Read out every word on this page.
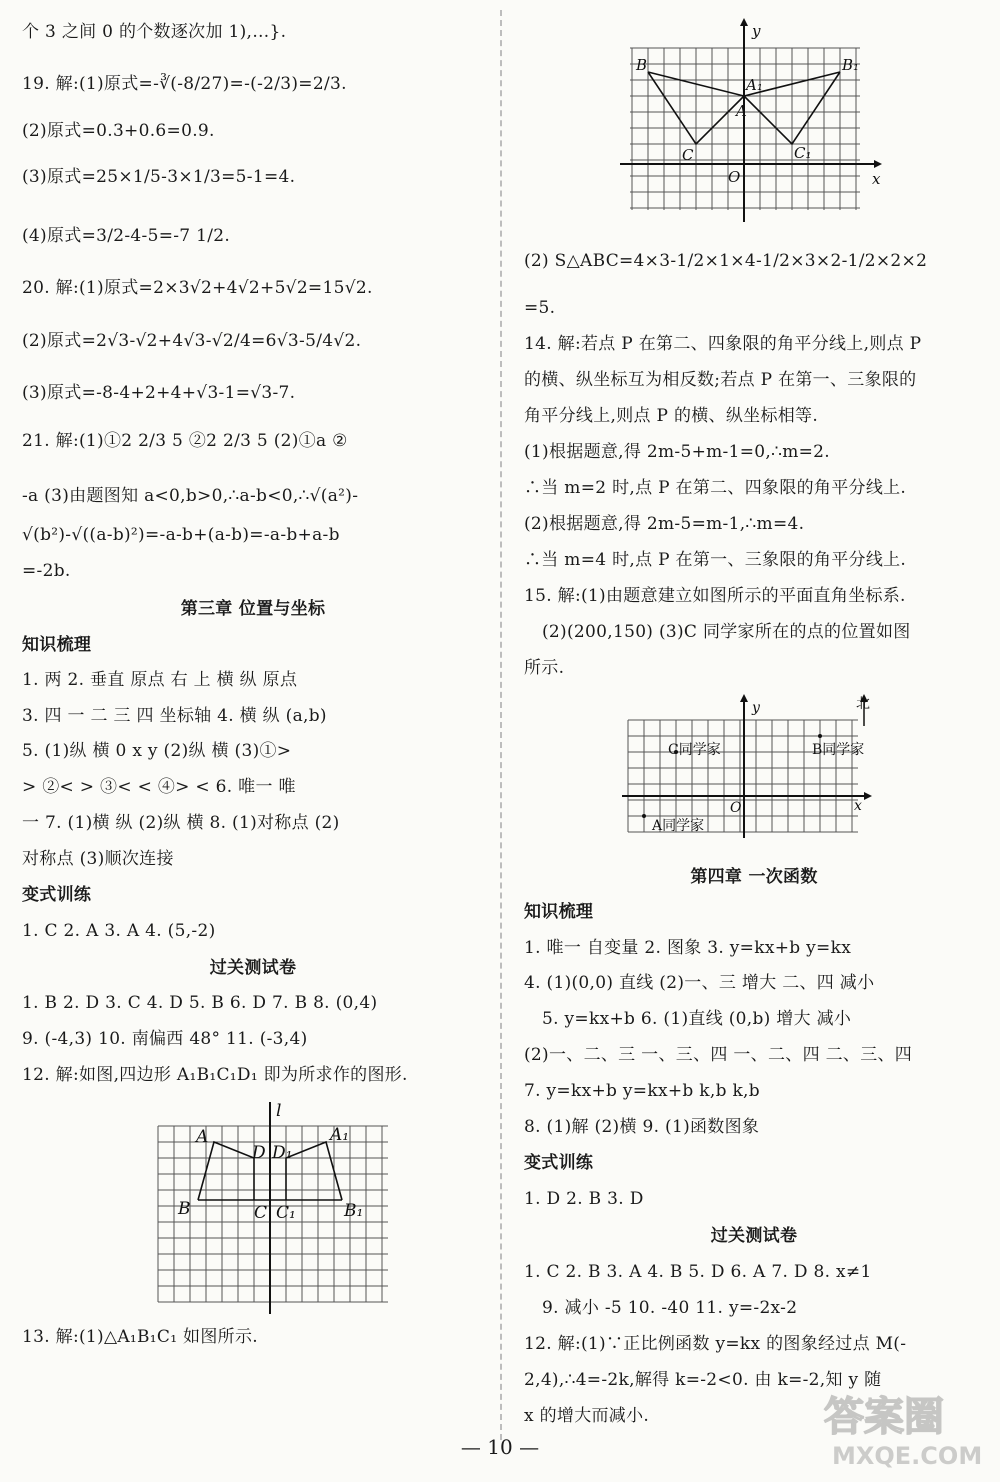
个 3 之间 0 的个数逐次加 1),…}.
19. 解:(1)原式=-∛(-8/27)=-(-2/3)=2/3.
(2)原式=0.3+0.6=0.9.
(3)原式=25×1/5-3×1/3=5-1=4.
(4)原式=3/2-4-5=-7 1/2.
20. 解:(1)原式=2×3√2+4√2+5√2=15√2.
(2)原式=2√3-√2+4√3-√2/4=6√3-5/4√2.
(3)原式=-8-4+2+4+√3-1=√3-7.
21. 解:(1)①2 2/3 5 ②2 2/3 5 (2)①a ②
-a (3)由题图知 a<0,b>0,∴a-b<0,∴√(a²)-
√(b²)-√((a-b)²)=-a-b+(a-b)=-a-b+a-b
=-2b.
第三章 位置与坐标
知识梳理
1. 两 2. 垂直 原点 右 上 横 纵 原点
3. 四 一 二 三 四 坐标轴 4. 横 纵 (a,b)
5. (1)纵 横 0 x y (2)纵 横 (3)①>
> ②< > ③< < ④> < 6. 唯一 唯
一 7. (1)横 纵 (2)纵 横 8. (1)对称点 (2)
对称点 (3)顺次连接
变式训练
1. C 2. A 3. A 4. (5,-2)
过关测试卷
1. B 2. D 3. C 4. D 5. B 6. D 7. B 8. (0,4)
9. (-4,3) 10. 南偏西 48° 11. (-3,4)
12. 解:如图,四边形 A₁B₁C₁D₁ 即为所求作的图形.
l
A
D D₁
A₁
B	C C₁	B₁
13. 解:(1)△A₁B₁C₁ 如图所示.
y
B	B₁
A₁
A
C	C₁
O	x
(2) S△ABC=4×3-1/2×1×4-1/2×3×2-1/2×2×2
=5.
14. 解:若点 P 在第二、四象限的角平分线上,则点 P
的横、纵坐标互为相反数;若点 P 在第一、三象限的
角平分线上,则点 P 的横、纵坐标相等.
(1)根据题意,得 2m-5+m-1=0,∴m=2.
∴当 m=2 时,点 P 在第二、四象限的角平分线上.
(2)根据题意,得 2m-5=m-1,∴m=4.
∴当 m=4 时,点 P 在第一、三象限的角平分线上.
15. 解:(1)由题意建立如图所示的平面直角坐标系.
(2)(200,150) (3)C 同学家所在的点的位置如图
所示.
y	北
C同学家	B同学家
O	x
A同学家
第四章 一次函数
知识梳理
1. 唯一 自变量 2. 图象 3. y=kx+b y=kx
4. (1)(0,0) 直线 (2)一、三 增大 二、四 减小
5. y=kx+b 6. (1)直线 (0,b) 增大 减小
(2)一、二、三 一、三、四 一、二、四 二、三、四
7. y=kx+b y=kx+b k,b k,b
8. (1)解 (2)横 9. (1)函数图象
变式训练
1. D 2. B 3. D
过关测试卷
1. C 2. B 3. A 4. B 5. D 6. A 7. D 8. x≠1
9. 减小 -5 10. -40 11. y=-2x-2
12. 解:(1)∵正比例函数 y=kx 的图象经过点 M(-
2,4),∴4=-2k,解得 k=-2<0. 由 k=-2,知 y 随
x 的增大而减小.
— 10 —
答案圈
MXQE.COM
